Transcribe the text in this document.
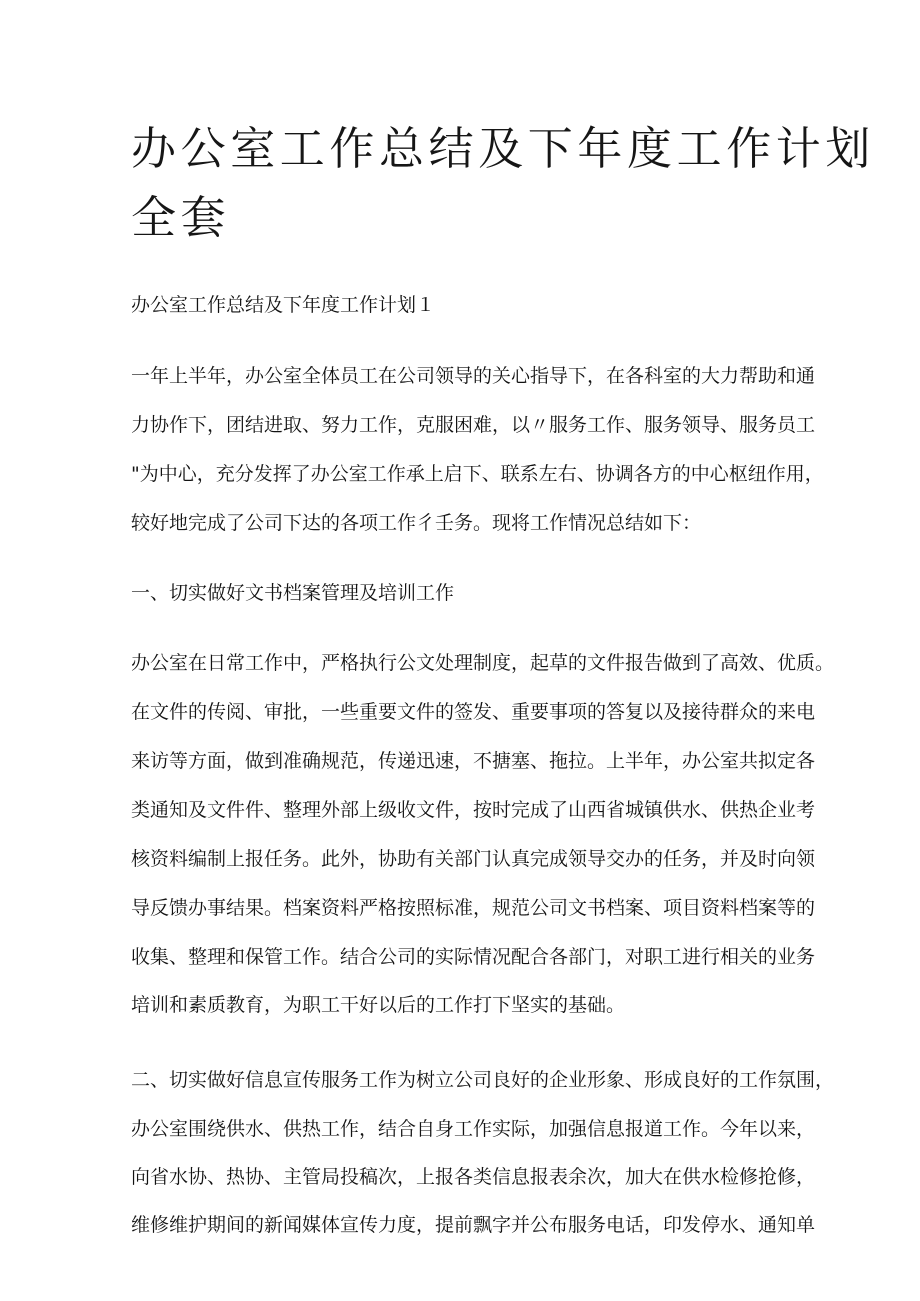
办公室工作总结及下年度工作计划
全套
办公室工作总结及下年度工作计划１
一年上半年，办公室全体员工在公司领导的关心指导下，在各科室的大力帮助和通
力协作下，团结进取、努力工作，克服困难，以〃服务工作、服务领导、服务员工
"为中心，充分发挥了办公室工作承上启下、联系左右、协调各方的中心枢纽作用，
较好地完成了公司下达的各项工作彳壬务。现将工作情况总结如下：
一、切实做好文书档案管理及培训工作
办公室在日常工作中，严格执行公文处理制度，起草的文件报告做到了高效、优质。
在文件的传阅、审批，一些重要文件的签发、重要事项的答复以及接待群众的来电
来访等方面，做到准确规范，传递迅速，不搪塞、拖拉。上半年，办公室共拟定各
类通知及文件件、整理外部上级收文件，按时完成了山西省城镇供水、供热企业考
核资料编制上报任务。此外，协助有关部门认真完成领导交办的任务，并及时向领
导反馈办事结果。档案资料严格按照标准，规范公司文书档案、项目资料档案等的
收集、整理和保管工作。结合公司的实际情况配合各部门，对职工进行相关的业务
培训和素质教育，为职工干好以后的工作打下坚实的基础。
二、切实做好信息宣传服务工作为树立公司良好的企业形象、形成良好的工作氛围，
办公室围绕供水、供热工作，结合自身工作实际，加强信息报道工作。今年以来，
向省水协、热协、主管局投稿次，上报各类信息报表余次，加大在供水检修抢修，
维修维护期间的新闻媒体宣传力度，提前飘字并公布服务电话，印发停水、通知单
